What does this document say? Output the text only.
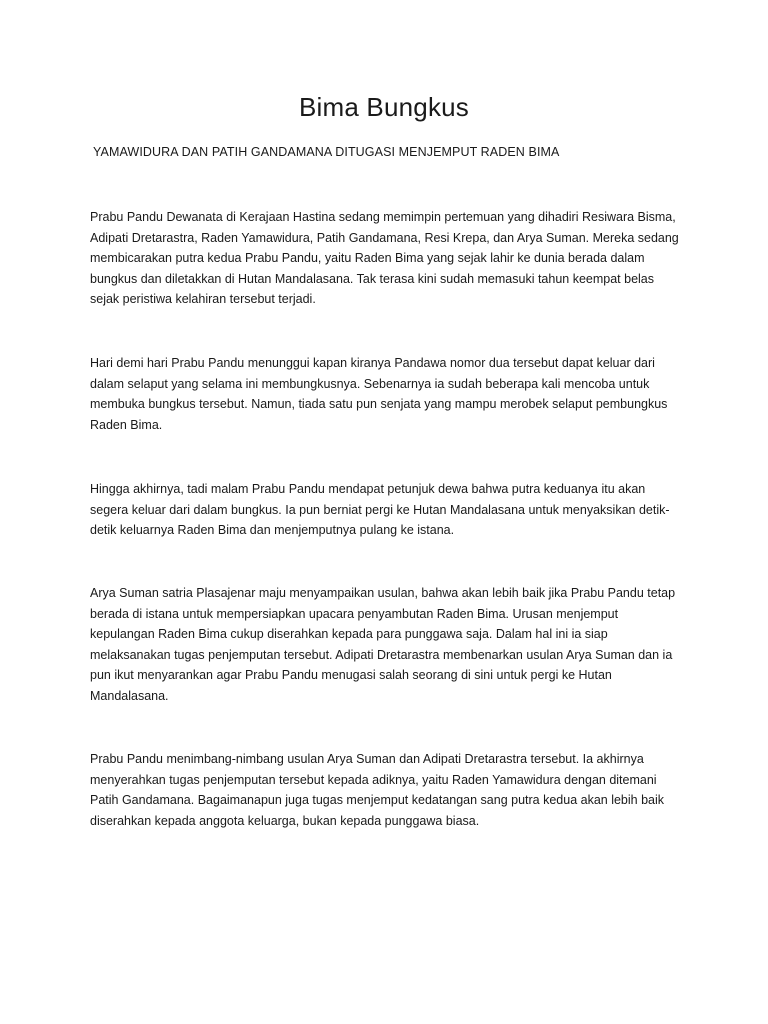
Bima Bungkus

YAMAWIDURA DAN PATIH GANDAMANA DITUGASI MENJEMPUT RADEN BIMA

Prabu Pandu Dewanata di Kerajaan Hastina sedang memimpin pertemuan yang dihadiri Resiwara Bisma, Adipati Dretarastra, Raden Yamawidura, Patih Gandamana, Resi Krepa, dan Arya Suman. Mereka sedang membicarakan putra kedua Prabu Pandu, yaitu Raden Bima yang sejak lahir ke dunia berada dalam bungkus dan diletakkan di Hutan Mandalasana. Tak terasa kini sudah memasuki tahun keempat belas sejak peristiwa kelahiran tersebut terjadi.

Hari demi hari Prabu Pandu menunggui kapan kiranya Pandawa nomor dua tersebut dapat keluar dari dalam selaput yang selama ini membungkusnya. Sebenarnya ia sudah beberapa kali mencoba untuk membuka bungkus tersebut. Namun, tiada satu pun senjata yang mampu merobek selaput pembungkus Raden Bima.

Hingga akhirnya, tadi malam Prabu Pandu mendapat petunjuk dewa bahwa putra keduanya itu akan segera keluar dari dalam bungkus. Ia pun berniat pergi ke Hutan Mandalasana untuk menyaksikan detik-detik keluarnya Raden Bima dan menjemputnya pulang ke istana.

Arya Suman satria Plasajenar maju menyampaikan usulan, bahwa akan lebih baik jika Prabu Pandu tetap berada di istana untuk mempersiapkan upacara penyambutan Raden Bima. Urusan menjemput kepulangan Raden Bima cukup diserahkan kepada para punggawa saja. Dalam hal ini ia siap melaksanakan tugas penjemputan tersebut. Adipati Dretarastra membenarkan usulan Arya Suman dan ia pun ikut menyarankan agar Prabu Pandu menugasi salah seorang di sini untuk pergi ke Hutan Mandalasana.

Prabu Pandu menimbang-nimbang usulan Arya Suman dan Adipati Dretarastra tersebut. Ia akhirnya menyerahkan tugas penjemputan tersebut kepada adiknya, yaitu Raden Yamawidura dengan ditemani Patih Gandamana. Bagaimanapun juga tugas menjemput kedatangan sang putra kedua akan lebih baik diserahkan kepada anggota keluarga, bukan kepada punggawa biasa.
